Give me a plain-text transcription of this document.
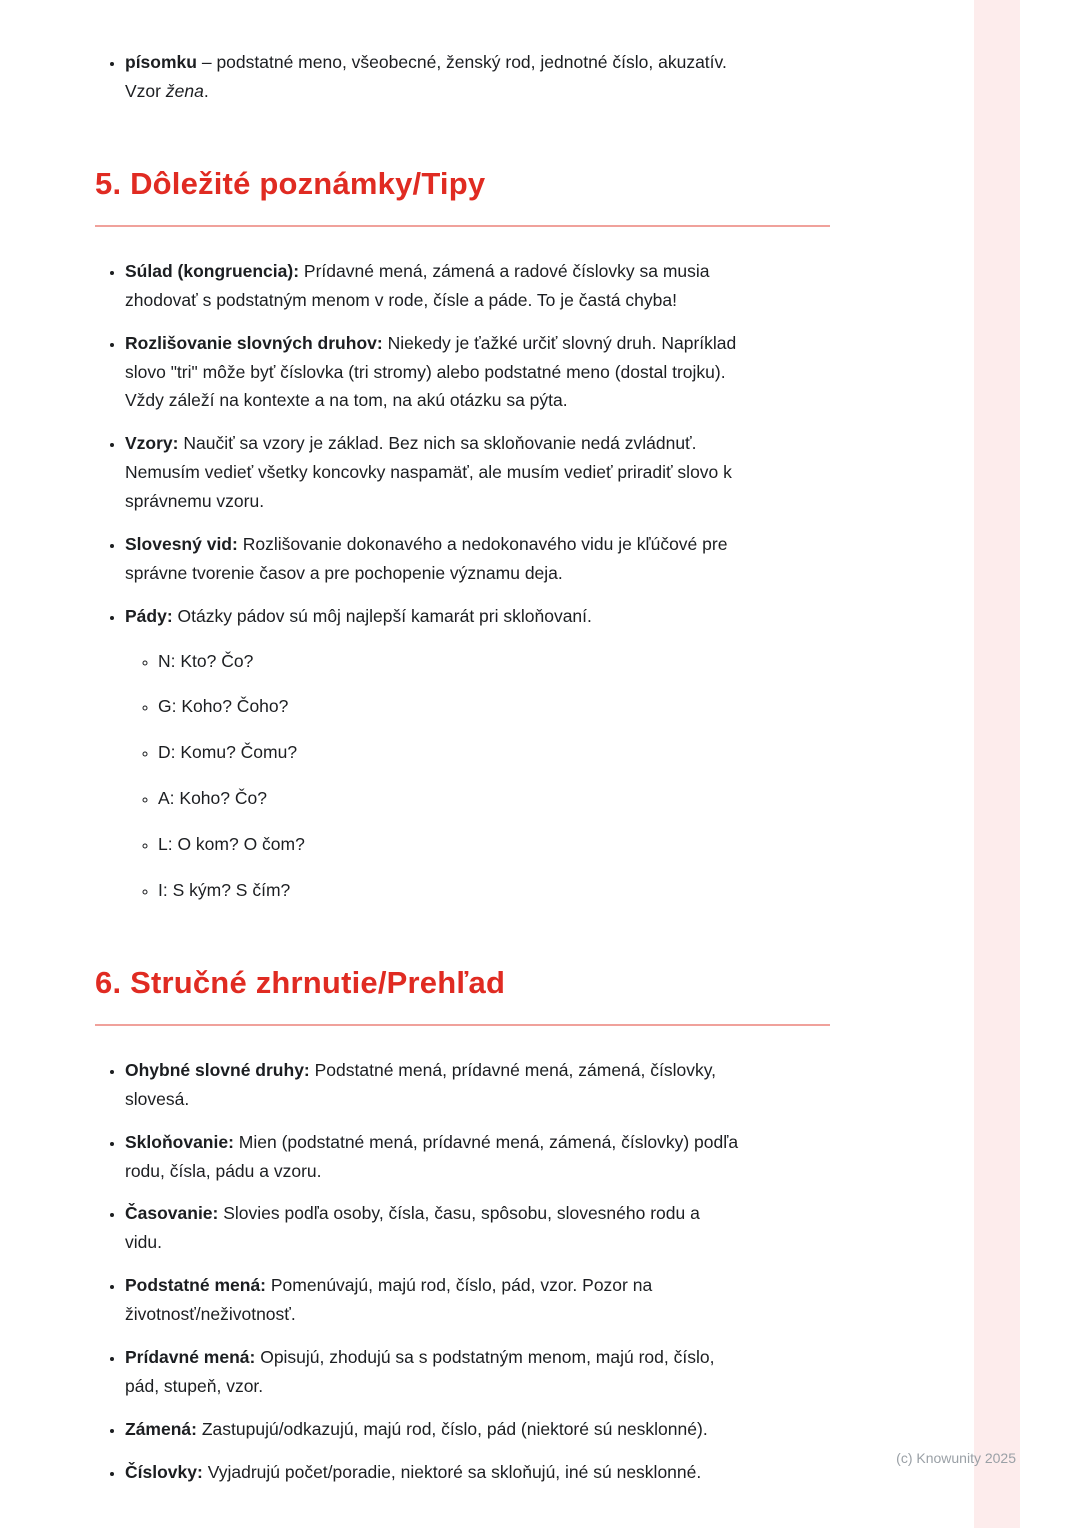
• písomku – podstatné meno, všeobecné, ženský rod, jednotné číslo, akuzatív. Vzor žena.
5. Dôležité poznámky/Tipy
• Súlad (kongruencia): Prídavné mená, zámená a radové číslovky sa musia zhodovať s podstatným menom v rode, čísle a páde. To je častá chyba!
• Rozlišovanie slovných druhov: Niekedy je ťažké určiť slovný druh. Napríklad slovo "tri" môže byť číslovka (tri stromy) alebo podstatné meno (dostal trojku). Vždy záleží na kontexte a na tom, na akú otázku sa pýta.
• Vzory: Naučiť sa vzory je základ. Bez nich sa skloňovanie nedá zvládnuť. Nemusím vedieť všetky koncovky naspamäť, ale musím vedieť priradiť slovo k správnemu vzoru.
• Slovesný vid: Rozlišovanie dokonavého a nedokonavého vidu je kľúčové pre správne tvorenie časov a pre pochopenie významu deja.
• Pády: Otázky pádov sú môj najlepší kamarát pri skloňovaní.
◦ N: Kto? Čo?
◦ G: Koho? Čoho?
◦ D: Komu? Čomu?
◦ A: Koho? Čo?
◦ L: O kom? O čom?
◦ I: S kým? S čím?
6. Stručné zhrnutie/Prehľad
• Ohybné slovné druhy: Podstatné mená, prídavné mená, zámená, číslovky, slovesá.
• Skloňovanie: Mien (podstatné mená, prídavné mená, zámená, číslovky) podľa rodu, čísla, pádu a vzoru.
• Časovanie: Slovies podľa osoby, čísla, času, spôsobu, slovesného rodu a vidu.
• Podstatné mená: Pomenúvajú, majú rod, číslo, pád, vzor. Pozor na životnosť/neživotnosť.
• Prídavné mená: Opisujú, zhodujú sa s podstatným menom, majú rod, číslo, pád, stupeň, vzor.
• Zámená: Zastupujú/odkazujú, majú rod, číslo, pád (niektoré sú nesklonné).
• Číslovky: Vyjadrujú počet/poradie, niektoré sa skloňujú, iné sú nesklonné.
(c) Knowunity 2025
